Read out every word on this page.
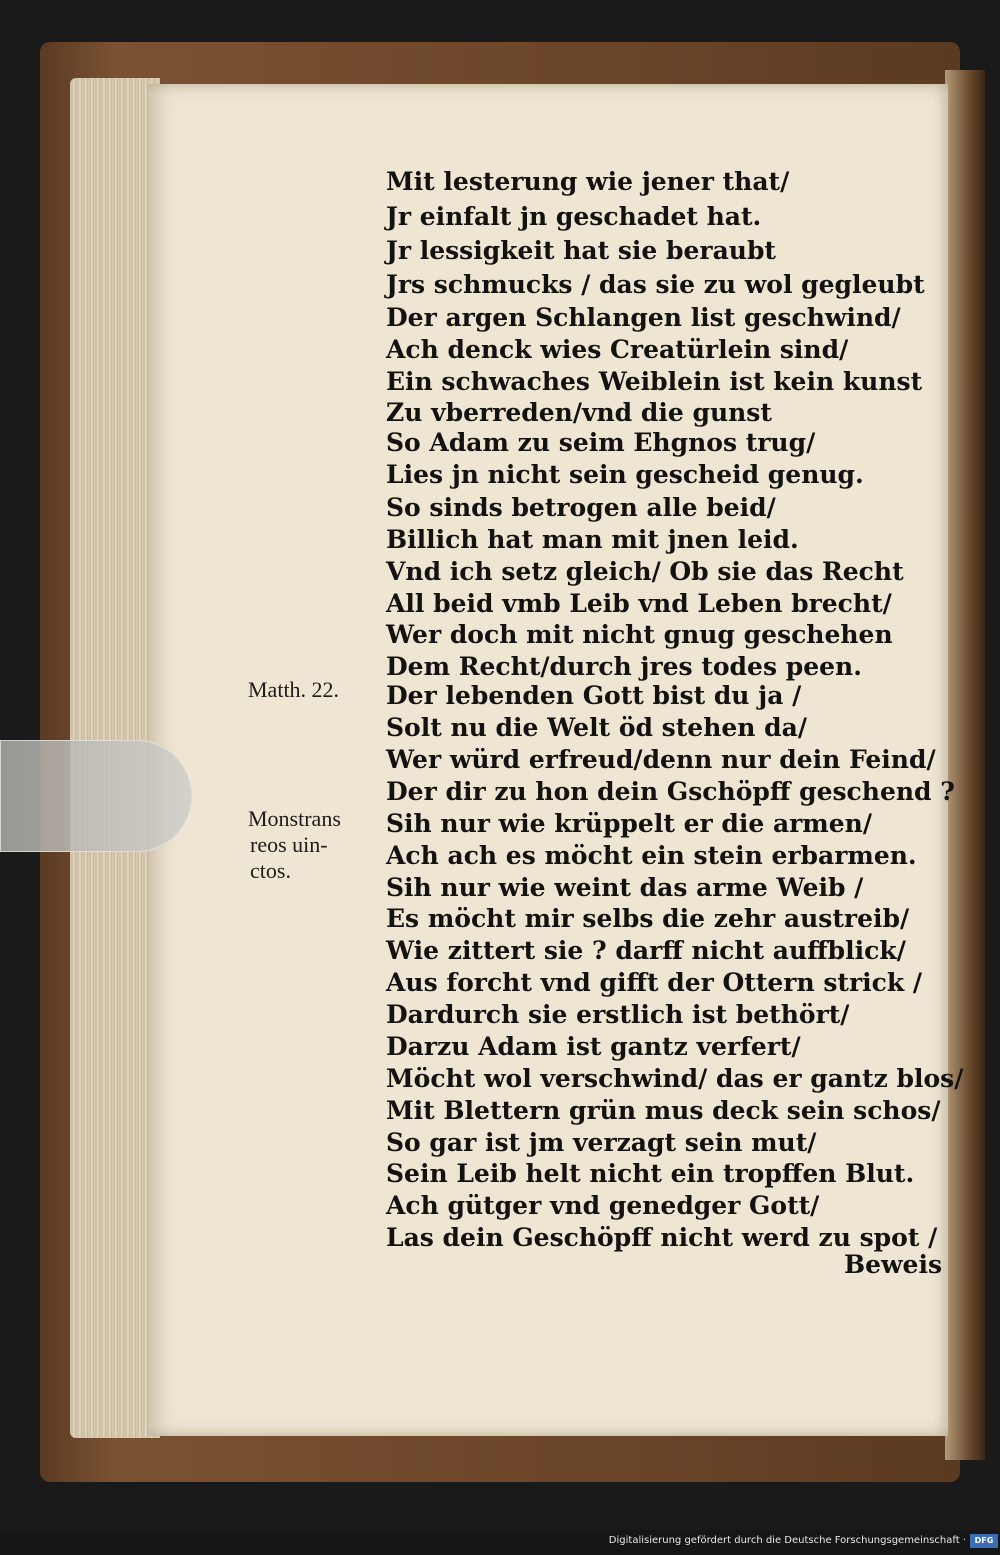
Mit lesterung wie jener that/
Jr einfalt jn geschadet hat.
Jr lessigkeit hat sie beraubt
Jrs schmucks / das sie zu wol gegleubt
Der argen Schlangen list geschwind/
Ach denck wies Creatürlein sind/
Ein schwaches Weiblein ist kein kunst
Zu vberreden/vnd die gunst
So Adam zu seim Ehgnos trug/
Lies jn nicht sein gescheid genug.
So sinds betrogen alle beid/
Billich hat man mit jnen leid.
Vnd ich setz gleich/ Ob sie das Recht
All beid vmb Leib vnd Leben brecht/
Wer doch mit nicht gnug geschehen
Dem Recht/durch jres todes peen.
Der lebenden Gott bist du ja /
Solt nu die Welt öd stehen da/
Wer würd erfreud/denn nur dein Feind/
Der dir zu hon dein Gschöpff geschend ?
Sih nur wie krüppelt er die armen/
Ach ach es möcht ein stein erbarmen.
Sih nur wie weint das arme Weib /
Es möcht mir selbs die zehr austreib/
Wie zittert sie ? darff nicht auffblick/
Aus forcht vnd gifft der Ottern strick /
Dardurch sie erstlich ist bethört/
Darzu Adam ist gantz verfert/
Möcht wol verschwind/ das er gantz blos/
Mit Blettern grün mus deck sein schos/
So gar ist jm verzagt sein mut/
Sein Leib helt nicht ein tropffen Blut.
Ach gütger vnd genedger Gott/
Las dein Geschöpff nicht werd zu spot /
Beweis
Matth. 22.
Monstrans
reos uin-
ctos.
Digitalisierung gefördert durch die Deutsche Forschungsgemeinschaft ·	DFG
